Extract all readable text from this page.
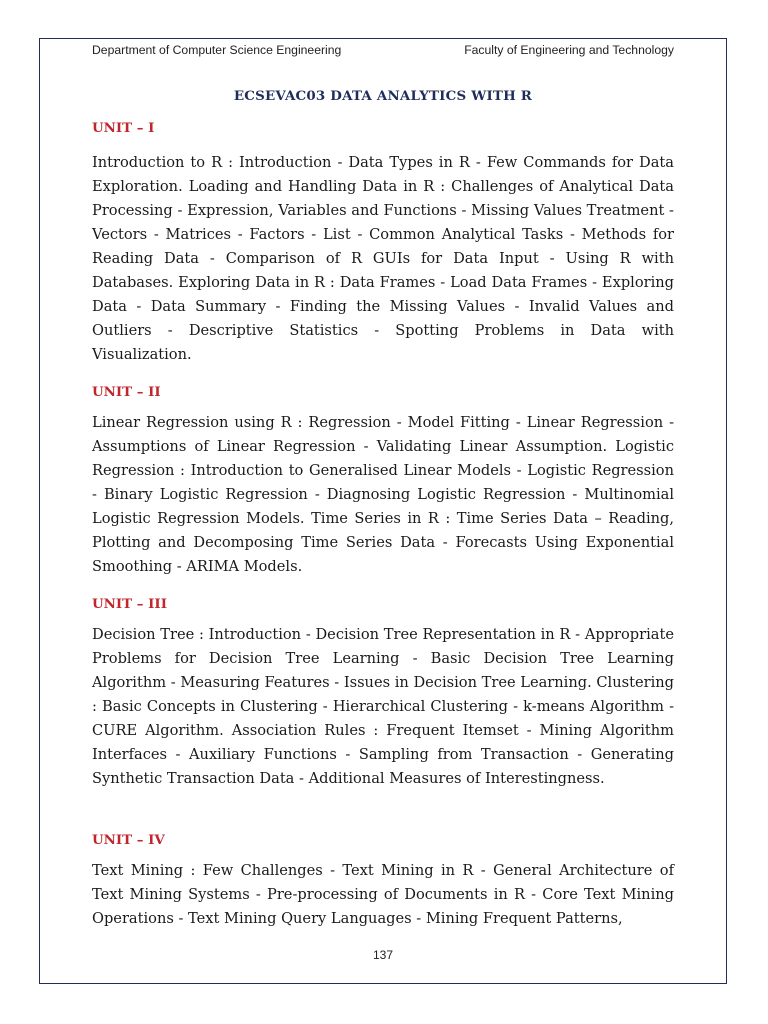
Department of Computer Science Engineering	Faculty of Engineering and Technology
ECSEVAC03 DATA ANALYTICS WITH R
UNIT – I
Introduction to R : Introduction - Data Types in R - Few Commands for Data Exploration. Loading and Handling Data in R : Challenges of Analytical Data Processing - Expression, Variables and Functions - Missing Values Treatment - Vectors - Matrices - Factors - List - Common Analytical Tasks - Methods for Reading Data - Comparison of R GUIs for Data Input - Using R with Databases. Exploring Data in R : Data Frames - Load Data Frames - Exploring Data - Data Summary - Finding the Missing Values - Invalid Values and Outliers - Descriptive Statistics - Spotting Problems in Data with Visualization.
UNIT – II
Linear Regression using R : Regression - Model Fitting - Linear Regression - Assumptions of Linear Regression - Validating Linear Assumption. Logistic Regression : Introduction to Generalised Linear Models - Logistic Regression - Binary Logistic Regression - Diagnosing Logistic Regression - Multinomial Logistic Regression Models. Time Series in R : Time Series Data – Reading, Plotting and Decomposing Time Series Data - Forecasts Using Exponential Smoothing - ARIMA Models.
UNIT – III
Decision Tree : Introduction - Decision Tree Representation in R - Appropriate Problems for Decision Tree Learning - Basic Decision Tree Learning Algorithm - Measuring Features - Issues in Decision Tree Learning. Clustering : Basic Concepts in Clustering - Hierarchical Clustering - k-means Algorithm - CURE Algorithm. Association Rules : Frequent Itemset - Mining Algorithm Interfaces - Auxiliary Functions - Sampling from Transaction - Generating Synthetic Transaction Data - Additional Measures of Interestingness.
UNIT – IV
Text Mining : Few Challenges - Text Mining in R - General Architecture of Text Mining Systems - Pre-processing of Documents in R - Core Text Mining Operations - Text Mining Query Languages - Mining Frequent Patterns,
137
